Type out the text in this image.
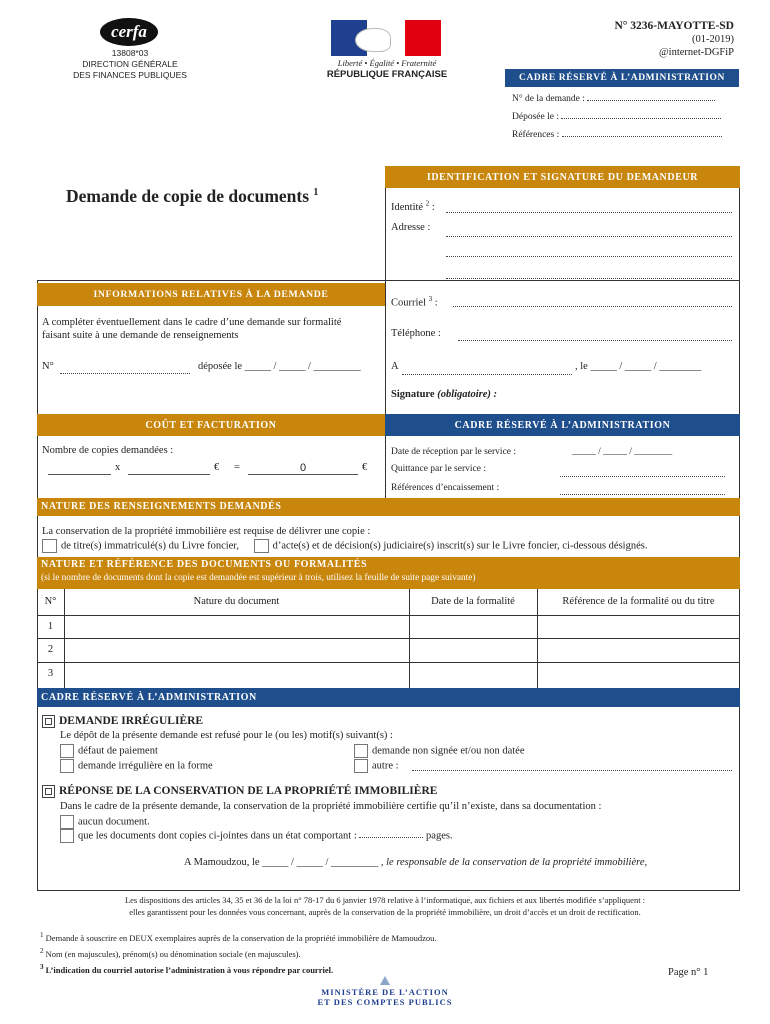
cerfa
13808*03
DIRECTION GÉNÉRALE
DES FINANCES PUBLIQUES
Liberté • Égalité • Fraternité
RÉPUBLIQUE FRANÇAISE
N° 3236-MAYOTTE-SD
(01-2019)
@internet-DGFiP
CADRE RÉSERVÉ À L’ADMINISTRATION
N° de la demande :
Déposée le :
Références :
Demande de copie de documents $^1$
IDENTIFICATION ET SIGNATURE DU DEMANDEUR
Identité $^2$ :
Adresse :
Courriel $^3$ :
Téléphone :
A	, le _____ / _____ / ________
Signature (obligatoire) :
INFORMATIONS RELATIVES À LA DEMANDE
A compléter éventuellement dans le cadre d’une demande sur formalité
faisant suite à une demande de renseignements
N°	déposée le _____ / _____ / _________
COÛT ET FACTURATION	CADRE RÉSERVÉ À L’ADMINISTRATION
Nombre de copies demandées :
x	€ =	0	€
Date de réception par le service :	_____ / _____ / ________
Quittance par le service :
Références d’encaissement :
NATURE DES RENSEIGNEMENTS DEMANDÉS
La conservation de la propriété immobilière est requise de délivrer une copie :
de titre(s) immatriculé(s) du Livre foncier,	d’acte(s) et de décision(s) judiciaire(s) inscrit(s) sur le Livre foncier, ci-dessous désignés.
NATURE ET RÉFÉRENCE DES DOCUMENTS OU FORMALITÉS
(si le nombre de documents dont la copie est demandée est supérieur à trois, utilisez la feuille de suite page suivante)
N°	Nature du document	Date de la formalité	Référence de la formalité ou du titre
1
2
3
CADRE RÉSERVÉ À L’ADMINISTRATION
DEMANDE IRRÉGULIÈRE
Le dépôt de la présente demande est refusé pour le (ou les) motif(s) suivant(s) :
défaut de paiement
demande irrégulière en la forme
demande non signée et/ou non datée
autre :
RÉPONSE DE LA CONSERVATION DE LA PROPRIÉTÉ IMMOBILIÈRE
Dans le cadre de la présente demande, la conservation de la propriété immobilière certifie qu’il n’existe, dans sa documentation :
aucun document.
que les documents dont copies ci-jointes dans un état comportant :	pages.
A Mamoudzou, le _____ / _____ / _________ , le responsable de la conservation de la propriété immobilière,
Les dispositions des articles 34, 35 et 36 de la loi n° 78-17 du 6 janvier 1978 relative à l’informatique, aux fichiers et aux libertés modifiée s’appliquent :
elles garantissent pour les données vous concernant, auprès de la conservation de la propriété immobilière, un droit d’accès et un droit de rectification.
$^1$ Demande à souscrire en DEUX exemplaires auprès de la conservation de la propriété immobilière de Mamoudzou.
$^2$ Nom (en majuscules), prénom(s) ou dénomination sociale (en majuscules).
$^3$ L’indication du courriel autorise l’administration à vous répondre par courriel.	Page n° 1
MINISTÈRE DE L’ACTION
ET DES COMPTES PUBLICS
